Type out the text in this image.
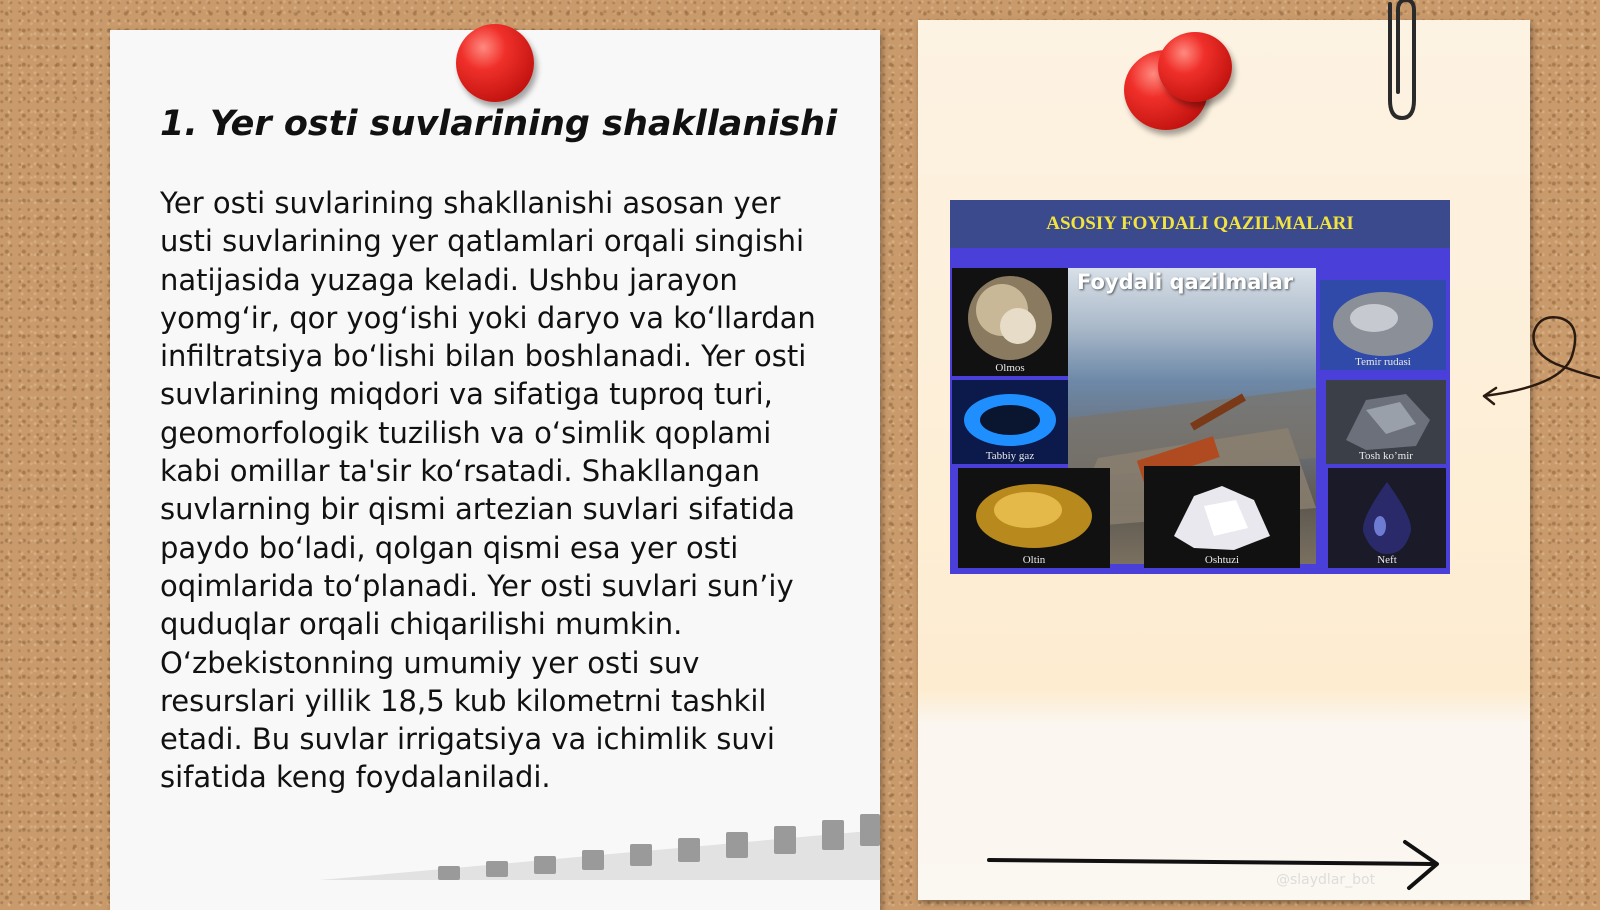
1. Yer osti suvlarining shakllanishi

Yer osti suvlarining shakllanishi asosan yer usti suvlarining yer qatlamlari orqali singishi natijasida yuzaga keladi. Ushbu jarayon yomg‘ir, qor yog‘ishi yoki daryo va ko‘llardan infiltratsiya bo‘lishi bilan boshlanadi. Yer osti suvlarining miqdori va sifatiga tuproq turi, geomorfologik tuzilish va o‘simlik qoplami kabi omillar ta'sir ko‘rsatadi. Shakllangan suvlarning bir qismi artezian suvlari sifatida paydo bo‘ladi, qolgan qismi esa yer osti oqimlarida to‘planadi. Yer osti suvlari sun’iy quduqlar orqali chiqarilishi mumkin. O‘zbekistonning umumiy yer osti suv resurslari yillik 18,5 kub kilometrni tashkil etadi. Bu suvlar irrigatsiya va ichimlik suvi sifatida keng foydalaniladi.

ASOSIY FOYDALI QAZILMALARI

Foydali qazilmalar

Olmos	Temir rudasi
Tabbiy gaz	Tosh ko’mir
Oltin	Oshtuzi	Neft

@slaydlar_bot
